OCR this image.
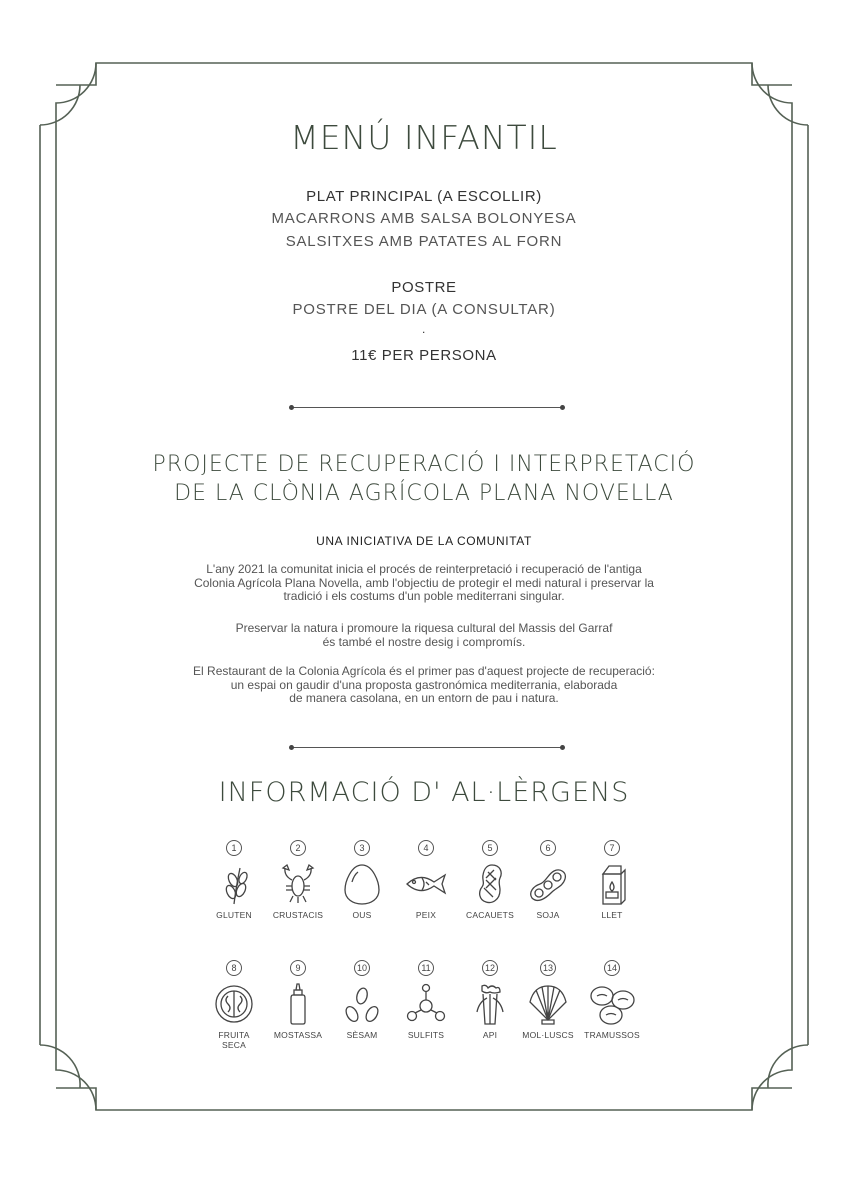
MENÚ INFANTIL
PLAT PRINCIPAL (A ESCOLLIR)
MACARRONS AMB SALSA BOLONYESA
SALSITXES AMB PATATES AL FORN
POSTRE
POSTRE DEL DIA (A CONSULTAR)
.
11€ PER PERSONA
PROJECTE DE RECUPERACIÓ I INTERPRETACIÓ
DE LA CLÒNIA AGRÍCOLA PLANA NOVELLA
UNA INICIATIVA DE LA COMUNITAT
L'any 2021 la comunitat inicia el procés de reinterpretació i recuperació de l'antiga
Colonia Agrícola Plana Novella, amb l'objectiu de protegir el medi natural i preservar la
tradició i els costums d'un poble mediterrani singular.
Preservar la natura i promoure la riquesa cultural del Massis del Garraf
és també el nostre desig i compromís.
El Restaurant de la Colonia Agrícola és el primer pas d'aquest projecte de recuperació:
un espai on gaudir d'una proposta gastronómica mediterrania, elaborada
de manera casolana, en un entorn de pau i natura.
INFORMACIÓ D' AL·LÈRGENS
1
GLUTEN
2
CRUSTACIS
3
OUS
4
PEIX
5
CACAUETS
6
SOJA
7
LLET
8
FRUITA SECA
9
MOSTASSA
10
SÈSAM
11
SULFITS
12
API
13
MOL·LUSCS
14
TRAMUSSOS
